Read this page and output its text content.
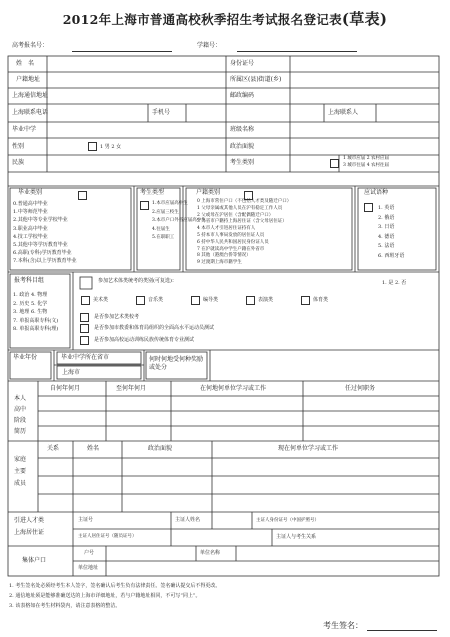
2012年上海市普通高校秋季招生考试报名登记表(草表)
高考报名号：	学籍号：
姓　名	身份证号
户籍地址	所属区(县)街道(乡)
上海通信地址	邮政编码
上海联系电话	手机号	上海联系人
毕业中学	班级名称
性别	1 男 2 女	政治面貌
民族	考生类别
1 城市应届 2 农村应届
3 城市往届 4 农村往届
毕业类别
0.普通高中毕业
1.中等师范毕业
2.其他中等专业学校毕业
3.职业高中毕业
4.技工学校毕业
5.其他中等学历教育毕业
6.高职(专科)学历教育毕业
7.本科(含)以上学历教育毕业
考生类型
1.本市应届高中生
2.应届三校生
3.本市户口外省应届高中生
4.往届生
5.在职职工
户籍类别
0 上海市常住户口（不包括人才类及随迁户口）
1 父母亲属或其他人员在沪有稳定工作人员
2 父或母在沪居住（含配偶随迁户口）
3 外省市户籍持上海居住证（含父母居住证）
4 本市人才引进居住证持有人
5 持本市人事局发放的居住证人员
6 持中华人民共和国居民身份证人员
7 在沪就读高中学生户籍在外省市
8 其他（港澳台侨等情况）
9 过渡期上海市籍学生
应试语种
1. 英语
2. 俄语
3. 日语
4. 德语
5. 法语
6. 西班牙语
报考科目组
1. 政治 4. 物理
2. 历史 5. 化学
3. 地理 6. 生物
7. 单报高职专科(文)
8. 单报高职专科(理)
参加艺术体类统考的类别(可复选)：	1. 是 2. 否
美术类	音乐类	编导类	表演类	体育类
是否参加艺术类校考
是否参加市教委和体育局组织的全面高水平运动员测试
是否参加高校运动训练民族传统体育专业测试
毕业年份	毕业中学所在省市
上海市
何时何地受何种奖励或处分
本人
高中
阶段
简历
自何年何月	至何年何月	在何地何单位学习或工作	任过何职务
家庭
主要
成员
关系	姓名	政治面貌	现在何单位学习或工作
引进人才类
上海居住证
主证号	主证人姓名	主证人身份证号（中国护照号）
主证人居住证号（随员证号）	主证人与考生关系
集体户口
户号	单位名称
单位地址
1. 考生签名处必须经考生本人签字，签名确认后考生负有法律责任。签名确认提交后不得更改。
2. 通信地址须是能够准确送达的上海市详细地址，若与户籍地址相同，不可写“同上”。
3. 该表格如在考生材料袋内，请注意表格的整洁。
考生签名：
